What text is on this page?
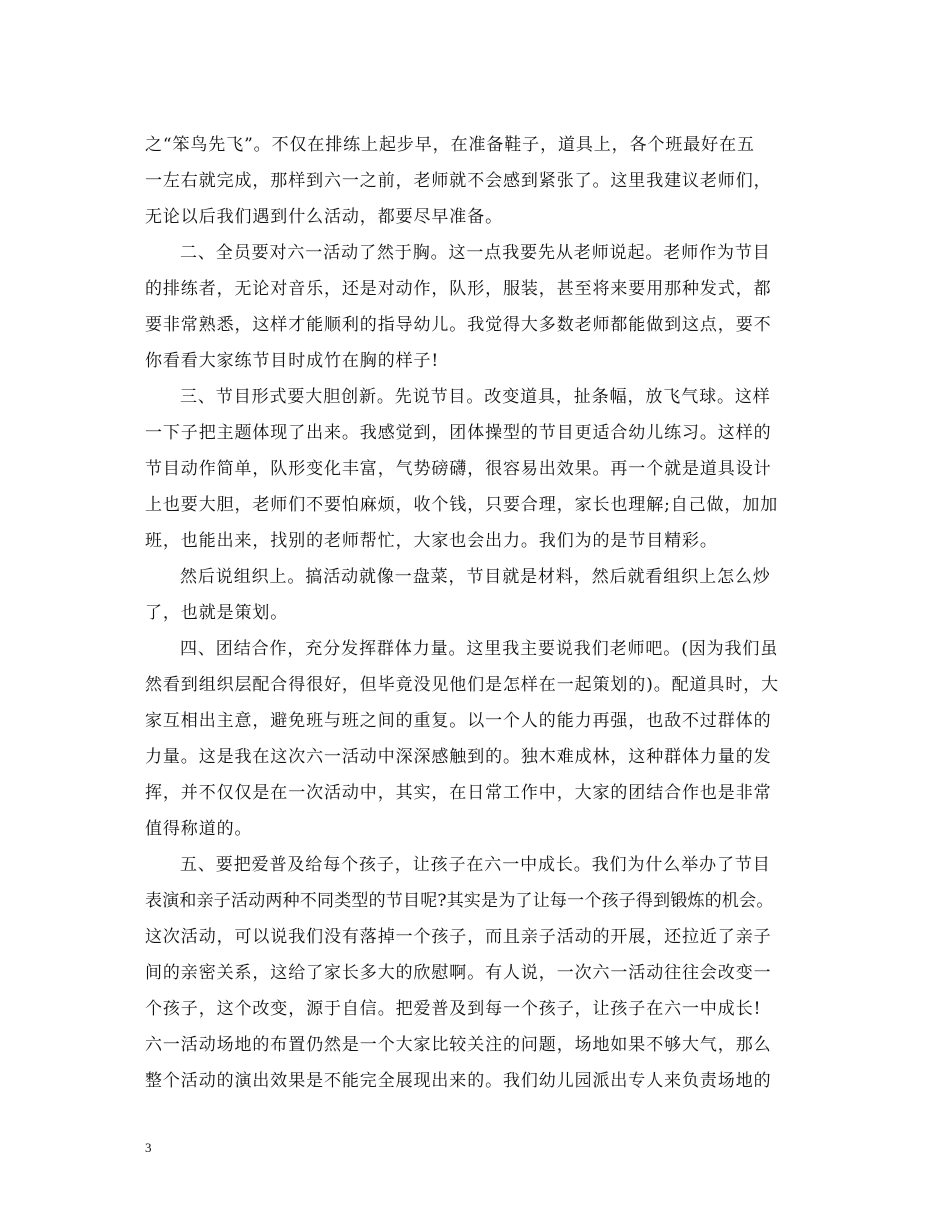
之“笨鸟先飞”。不仅在排练上起步早，在准备鞋子，道具上，各个班最好在五
一左右就完成，那样到六一之前，老师就不会感到紧张了。这里我建议老师们，
无论以后我们遇到什么活动，都要尽早准备。
二、全员要对六一活动了然于胸。这一点我要先从老师说起。老师作为节目
的排练者，无论对音乐，还是对动作，队形，服装，甚至将来要用那种发式，都
要非常熟悉，这样才能顺利的指导幼儿。我觉得大多数老师都能做到这点，要不
你看看大家练节目时成竹在胸的样子!
三、节目形式要大胆创新。先说节目。改变道具，扯条幅，放飞气球。这样
一下子把主题体现了出来。我感觉到，团体操型的节目更适合幼儿练习。这样的
节目动作简单，队形变化丰富，气势磅礴，很容易出效果。再一个就是道具设计
上也要大胆，老师们不要怕麻烦，收个钱，只要合理，家长也理解;自己做，加加
班，也能出来，找别的老师帮忙，大家也会出力。我们为的是节目精彩。
然后说组织上。搞活动就像一盘菜，节目就是材料，然后就看组织上怎么炒
了，也就是策划。
四、团结合作，充分发挥群体力量。这里我主要说我们老师吧。(因为我们虽
然看到组织层配合得很好，但毕竟没见他们是怎样在一起策划的)。配道具时，大
家互相出主意，避免班与班之间的重复。以一个人的能力再强，也敌不过群体的
力量。这是我在这次六一活动中深深感触到的。独木难成林，这种群体力量的发
挥，并不仅仅是在一次活动中，其实，在日常工作中，大家的团结合作也是非常
值得称道的。
五、要把爱普及给每个孩子，让孩子在六一中成长。我们为什么举办了节目
表演和亲子活动两种不同类型的节目呢?其实是为了让每一个孩子得到锻炼的机会。
这次活动，可以说我们没有落掉一个孩子，而且亲子活动的开展，还拉近了亲子
间的亲密关系，这给了家长多大的欣慰啊。有人说，一次六一活动往往会改变一
个孩子，这个改变，源于自信。把爱普及到每一个孩子，让孩子在六一中成长!
六一活动场地的布置仍然是一个大家比较关注的问题，场地如果不够大气，那么
整个活动的演出效果是不能完全展现出来的。我们幼儿园派出专人来负责场地的
3
